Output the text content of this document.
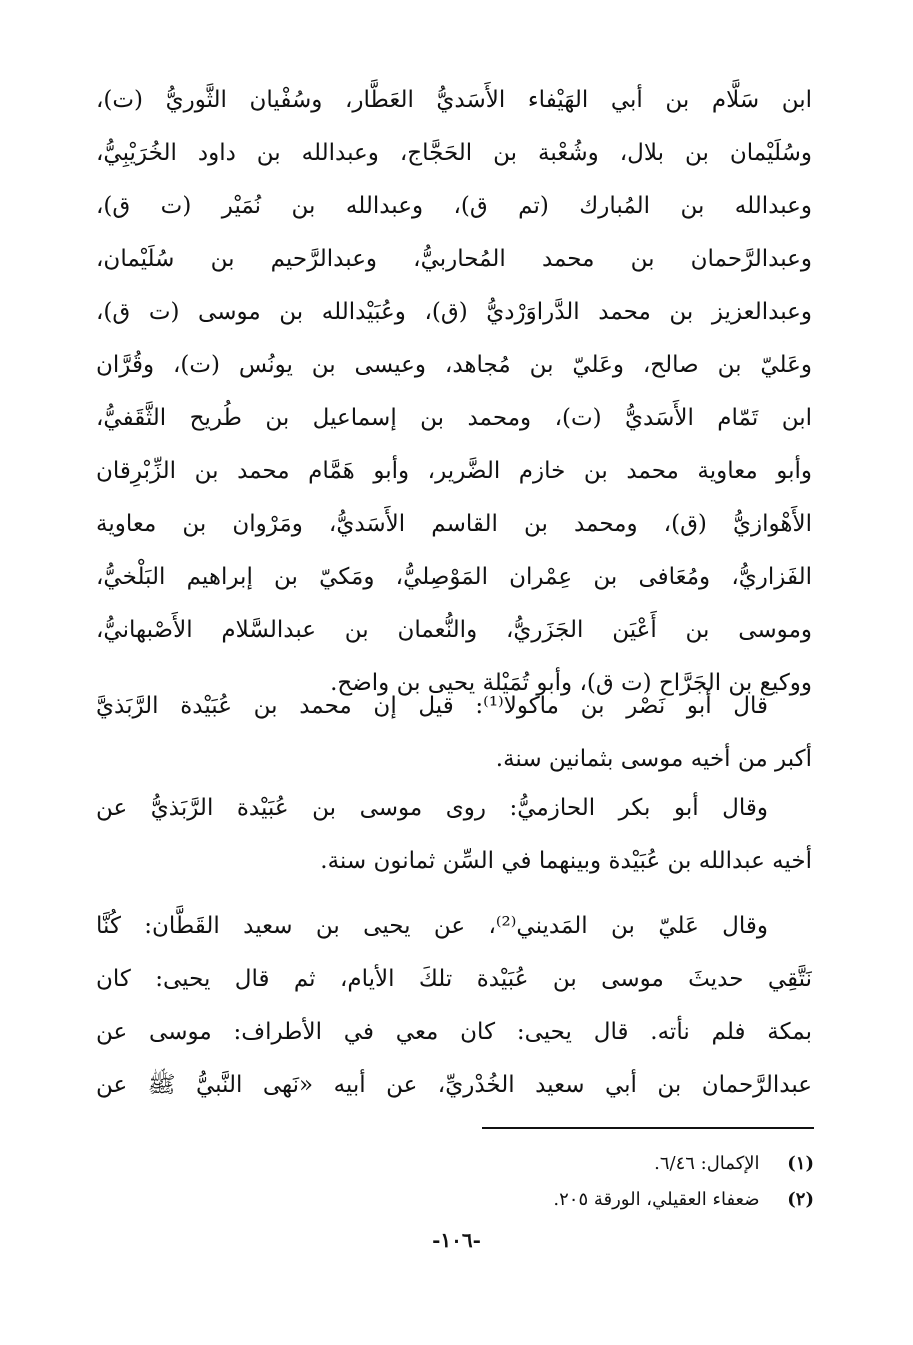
ابن سَلَّام بن أبي الهَيْفاء الأَسَديُّ العَطَّار، وسُفْيان الثَّوريُّ (ت)،
وسُلَيْمان بن بلال، وشُعْبة بن الحَجَّاج، وعبدالله بن داود الخُرَيْبِيُّ،
وعبدالله بن المُبارك (تم ق)، وعبدالله بن نُمَيْر (ت ق)،
وعبدالرَّحمان بن محمد المُحاربيُّ، وعبدالرَّحيم بن سُلَيْمان،
وعبدالعزيز بن محمد الدَّراوَرْديُّ (ق)، وعُبَيْدالله بن موسى (ت ق)،
وعَليّ بن صالح، وعَليّ بن مُجاهد، وعيسى بن يونُس (ت)، وقُرَّان
ابن تَمّام الأَسَديُّ (ت)، ومحمد بن إسماعيل بن طُريح الثَّقَفيُّ،
وأبو معاوية محمد بن خازم الضَّرير، وأبو هَمَّام محمد بن الزِّبْرِقان
الأَهْوازيُّ (ق)، ومحمد بن القاسم الأَسَديُّ، ومَرْوان بن معاوية
الفَزاريُّ، ومُعَافى بن عِمْران المَوْصِليُّ، ومَكيّ بن إبراهيم البَلْخيُّ،
وموسى بن أَعْيَن الجَزَريُّ، والنُّعمان بن عبدالسَّلام الأَصْبهانيُّ،
ووكيع بن الجَرَّاح (ت ق)، وأبو تُمَيْلة يحيى بن واضح.
قال أبو نَصْر بن ماكولا⁽¹⁾: قيل إن محمد بن عُبَيْدة الرَّبَذيَّ
أكبر من أخيه موسى بثمانين سنة.
وقال أبو بكر الحازميُّ: روى موسى بن عُبَيْدة الرَّبَذيُّ عن
أخيه عبدالله بن عُبَيْدة وبينهما في السِّن ثمانون سنة.
وقال عَليّ بن المَديني⁽²⁾، عن يحيى بن سعيد القَطَّان: كُنَّا
نَتَّقِي حديثَ موسى بن عُبَيْدة تلكَ الأيام، ثم قال يحيى: كان
بمكة فلم نأته. قال يحيى: كان معي في الأطراف: موسى عن
عبدالرَّحمان بن أبي سعيد الخُدْريِّ، عن أبيه «نَهى النَّبيُّ ﷺ عن
(١) الإكمال: ٦/٤٦.
(٢) ضعفاء العقيلي، الورقة ٢٠٥.
-١٠٦-
